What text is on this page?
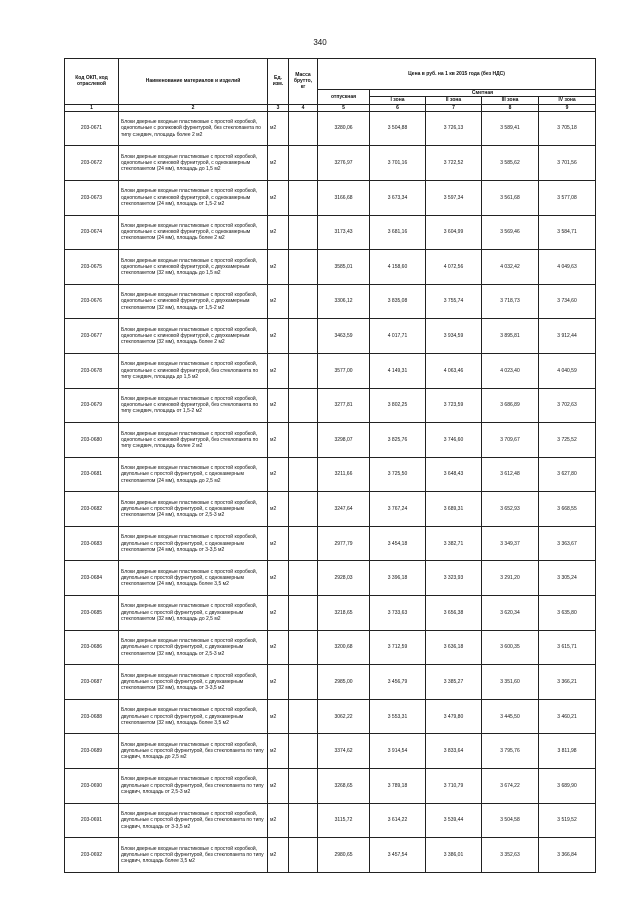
340
Код ОКП, код отраслевой	Наименование материалов и изделий	Ед. изм.	Масса брутто, кг	Цена в руб. на 1 кв 2015 года (без НДС)				
				отпускная	Сметная			
					I зона	II зона	III зона	IV зона
1	2	3	4	5	6	7	8	9
203-0671	Блоки дверные входные пластиковые с простой коробкой, однопольные с роликовой фурнитурой, без стеклопакета по типу сэндвич, площадь более 2 м2	м2		3280,06	3 504,88	3 726,13	3 589,41	3 705,18
203-0672	Блоки дверные входные пластиковые с простой коробкой, однопольные с клиновой фурнитурой, с однокамерным стеклопакетом (24 мм), площадь до 1,5 м2	м2		3276,97	3 701,16	3 722,52	3 585,62	3 701,56
203-0673	Блоки дверные входные пластиковые с простой коробкой, однопольные с клиновой фурнитурой, с однокамерным стеклопакетом (24 мм), площадь от 1,5-2 м2	м2		3166,68	3 673,34	3 597,34	3 561,68	3 577,08
203-0674	Блоки дверные входные пластиковые с простой коробкой, однопольные с клиновой фурнитурой, с однокамерным стеклопакетом (24 мм), площадь более 2 м2	м2		3173,43	3 681,16	3 604,99	3 569,46	3 584,71
203-0675	Блоки дверные входные пластиковые с простой коробкой, однопольные с клиновой фурнитурой, с двухкамерным стеклопакетом (32 мм), площадь до 1,5 м2	м2		3585,01	4 158,60	4 072,56	4 032,42	4 049,63
203-0676	Блоки дверные входные пластиковые с простой коробкой, однопольные с клиновой фурнитурой, с двухкамерным стеклопакетом (32 мм), площадь от 1,5-2 м2	м2		3306,12	3 835,08	3 755,74	3 718,73	3 734,60
203-0677	Блоки дверные входные пластиковые с простой коробкой, однопольные с клиновой фурнитурой, с двухкамерным стеклопакетом (32 мм), площадь более 2 м2	м2		3463,59	4 017,71	3 934,59	3 895,81	3 912,44
203-0678	Блоки дверные входные пластиковые с простой коробкой, однопольные с клиновой фурнитурой, без стеклопакета по типу сэндвич, площадь до 1,5 м2	м2		3577,00	4 149,31	4 063,46	4 023,40	4 040,59
203-0679	Блоки дверные входные пластиковые с простой коробкой, однопольные с клиновой фурнитурой, без стеклопакета по типу сэндвич, площадь от 1,5-2 м2	м2		3277,81	3 802,25	3 723,59	3 686,89	3 702,63
203-0680	Блоки дверные входные пластиковые с простой коробкой, однопольные с клиновой фурнитурой, без стеклопакета по типу сэндвич, площадь более 2 м2	м2		3298,07	3 825,76	3 746,60	3 709,67	3 725,52
203-0681	Блоки дверные входные пластиковые с простой коробкой, двупольные с простой фурнитурой, с однокамерным стеклопакетом (24 мм), площадь до 2,5 м2	м2		3211,66	3 725,50	3 648,43	3 612,48	3 627,80
203-0682	Блоки дверные входные пластиковые с простой коробкой, двупольные с простой фурнитурой, с однокамерным стеклопакетом (24 мм), площадь от 2,5-3 м2	м2		3247,64	3 767,24	3 689,31	3 652,93	3 668,55
203-0683	Блоки дверные входные пластиковые с простой коробкой, двупольные с простой фурнитурой, с однокамерным стеклопакетом (24 мм), площадь от 3-3,5 м2	м2		2977,79	3 454,18	3 382,71	3 349,37	3 363,67
203-0684	Блоки дверные входные пластиковые с простой коробкой, двупольные с простой фурнитурой, с однокамерным стеклопакетом (24 мм), площадь более 3,5 м2	м2		2928,03	3 396,18	3 323,93	3 291,20	3 305,24
203-0685	Блоки дверные входные пластиковые с простой коробкой, двупольные с простой фурнитурой, с двухкамерным стеклопакетом (32 мм), площадь до 2,5 м2	м2		3218,65	3 733,63	3 656,38	3 620,34	3 635,80
203-0686	Блоки дверные входные пластиковые с простой коробкой, двупольные с простой фурнитурой, с двухкамерным стеклопакетом (32 мм), площадь от 2,5-3 м2	м2		3200,68	3 712,59	3 636,18	3 600,35	3 615,71
203-0687	Блоки дверные входные пластиковые с простой коробкой, двупольные с простой фурнитурой, с двухкамерным стеклопакетом (32 мм), площадь от 3-3,5 м2	м2		2985,00	3 456,79	3 385,27	3 351,60	3 366,21
203-0688	Блоки дверные входные пластиковые с простой коробкой, двупольные с простой фурнитурой, с двухкамерным стеклопакетом (32 мм), площадь более 3,5 м2	м2		3062,22	3 553,31	3 479,80	3 445,50	3 460,21
203-0689	Блоки дверные входные пластиковые с простой коробкой, двупольные с простой фурнитурой, без стеклопакета по типу сэндвич, площадь до 2,5 м2	м2		3374,62	3 914,54	3 833,64	3 795,76	3 811,98
203-0690	Блоки дверные входные пластиковые с простой коробкой, двупольные с простой фурнитурой, без стеклопакета по типу сэндвич, площадь от 2,5-3 м2	м2		3268,65	3 789,18	3 710,79	3 674,22	3 689,90
203-0691	Блоки дверные входные пластиковые с простой коробкой, двупольные с простой фурнитурой, без стеклопакета по типу сэндвич, площадь от 3-3,5 м2	м2		3115,72	3 614,22	3 539,44	3 504,58	3 519,52
203-0692	Блоки дверные входные пластиковые с простой коробкой, двупольные с простой фурнитурой, без стеклопакета по типу сэндвич, площадь более 3,5 м2	м2		2980,65	3 457,54	3 386,01	3 352,63	3 366,84
